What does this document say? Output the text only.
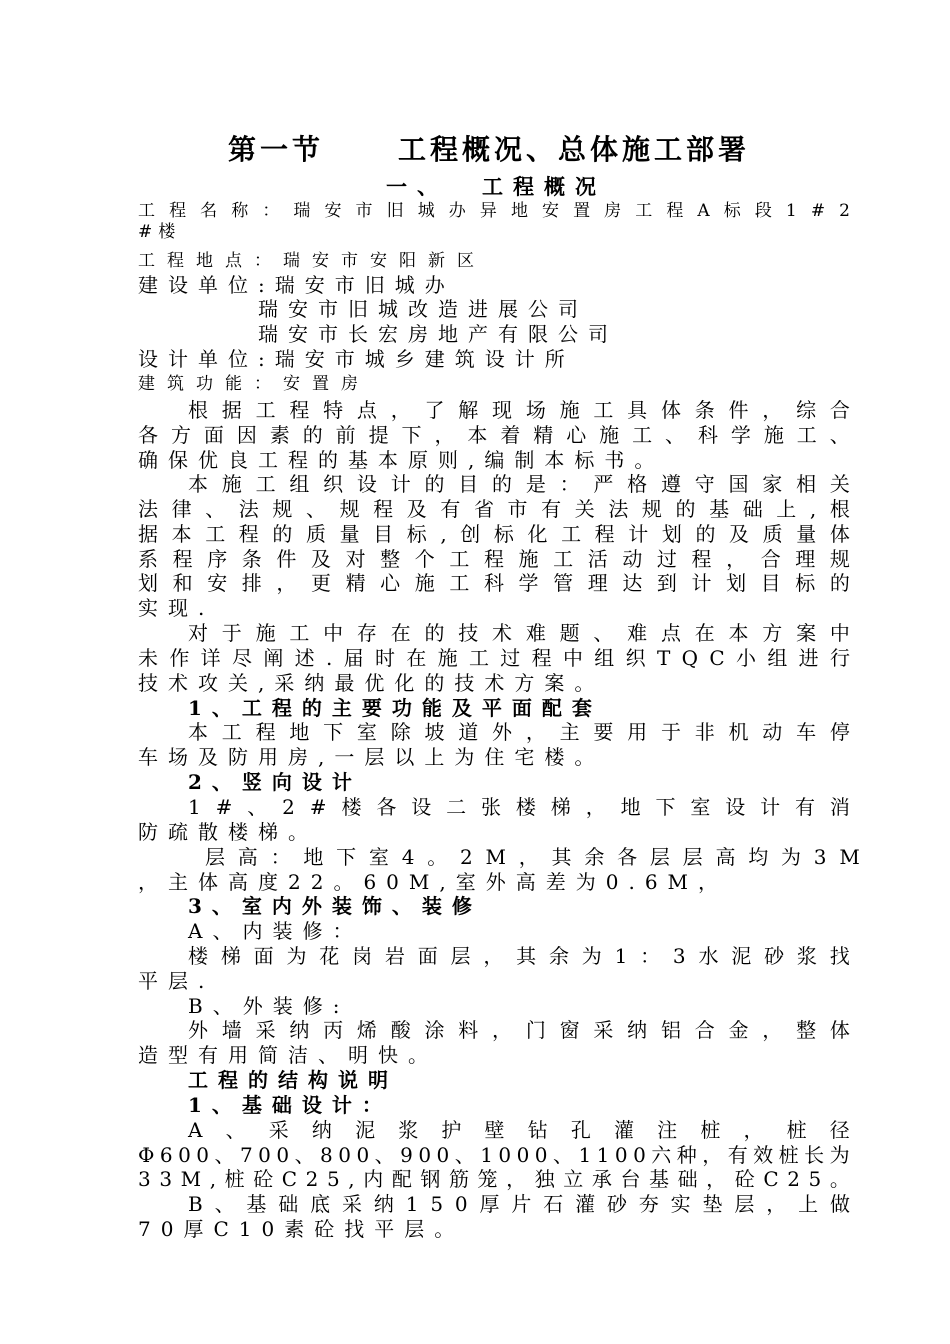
第一节	工程概况、总体施工部署
一、 工程概况
工 程 名 称 ： 瑞 安 市 旧 城 办 异 地 安 置 房 工 程 A 标 段 1 # 2
#楼
工程地点：瑞安市安阳新区
建设单位:瑞安市旧城办
瑞安市旧城改造进展公司
瑞安市长宏房地产有限公司
设计单位:瑞安市城乡建筑设计所
建筑功能：安置房
根 据 工 程 特 点 ， 了 解 现 场 施 工 具 体 条 件 ， 综 合
各 方 面 因 素 的 前 提 下 ， 本 着 精 心 施 工 、 科 学 施 工 、
确保优良工程的基本原则,编制本标书。
本 施 工 组 织 设 计 的 目 的 是 ： 严 格 遵 守 国 家 相 关
法 律 、 法 规 、 规 程 及 有 省 市 有 关 法 规 的 基 础 上 , 根
据 本 工 程 的 质 量 目 标 , 创 标 化 工 程 计 划 的 及 质 量 体
系 程 序 条 件 及 对 整 个 工 程 施 工 活 动 过 程 ， 合 理 规
划 和 安 排 ， 更 精 心 施 工 科 学 管 理 达 到 计 划 目 标 的
实现.
对 于 施 工 中 存 在 的 技 术 难 题 、 难 点 在 本 方 案 中
未 作 详 尽 阐 述 . 届 时 在 施 工 过 程 中 组 织 T Q C 小 组 进 行
技术攻关,采纳最优化的技术方案。
1、工程的主要功能及平面配套
本 工 程 地 下 室 除 坡 道 外 ， 主 要 用 于 非 机 动 车 停
车场及防用房,一层以上为住宅楼。
2、竖向设计
1 # 、 2 # 楼 各 设 二 张 楼 梯 ， 地 下 室 设 计 有 消
防疏散楼梯。
层 高 ： 地 下 室 4 。 2 M ， 其 余 各 层 层 高 均 为 3 M
，主体高度22。60M,室外高差为0.6M，
3、室内外装饰、装修
A、内装修：
楼 梯 面 为 花 岗 岩 面 层 ， 其 余 为 1 ： 3 水 泥 砂 浆 找
平层.
B、外装修:
外 墙 采 纳 丙 烯 酸 涂 料 ， 门 窗 采 纳 铝 合 金 ， 整 体
造型有用简洁、明快。
工程的结构说明
1、基础设计：
A 、 采 纳 泥 浆 护 壁 钻 孔 灌 注 桩 ， 桩 径
Φ 6 0 0 、 7 0 0 、 8 0 0 、 9 0 0 、 1 0 0 0 、 1 1 0 0 六 种 ， 有 效 桩 长 为
3 3 M , 桩 砼 C 2 5 , 内 配 钢 筋 笼 ， 独 立 承 台 基 础 ， 砼 C 2 5 。
B 、 基 础 底 采 纳 1 5 0 厚 片 石 灌 砂 夯 实 垫 层 ， 上 做
70厚C10素砼找平层。
